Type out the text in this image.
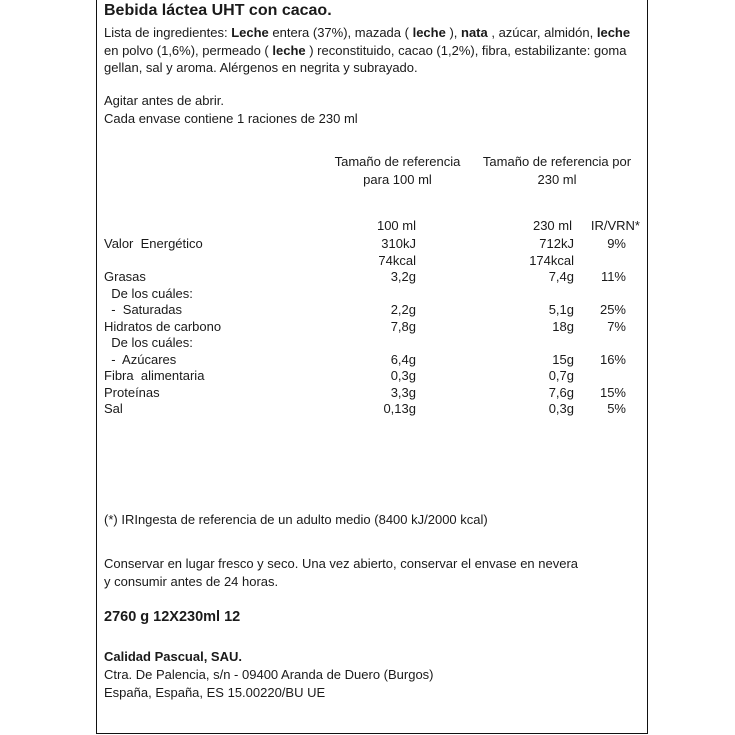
Bebida láctea UHT con cacao.
Lista de ingredientes: Leche entera (37%), mazada ( leche ), nata , azúcar, almidón, leche en polvo (1,6%), permeado ( leche ) reconstituido, cacao (1,2%), fibra, estabilizante: goma gellan, sal y aroma. Alérgenos en negrita y subrayado.
Agitar antes de abrir.
Cada envase contiene 1 raciones de 230 ml
Tamaño de referencia
para 100 ml
Tamaño de referencia por
230 ml
100 ml	230 ml	IR/VRN*
Valor  Energético	310kJ	712kJ	9%
	74kcal	174kcal	
Grasas	3,2g	7,4g	11%
De los cuáles:			
-  Saturadas	2,2g	5,1g	25%
Hidratos de carbono	7,8g	18g	7%
De los cuáles:			
-  Azúcares	6,4g	15g	16%
Fibra  alimentaria	0,3g	0,7g	
Proteínas	3,3g	7,6g	15%
Sal	0,13g	0,3g	5%
(*) IRIngesta de referencia de un adulto medio (8400 kJ/2000 kcal)
Conservar en lugar fresco y seco. Una vez abierto, conservar el envase en nevera
y consumir antes de 24 horas.
2760 g 12X230ml 12
Calidad Pascual, SAU.
Ctra. De Palencia, s/n - 09400 Aranda de Duero (Burgos)
España, España, ES 15.00220/BU UE
